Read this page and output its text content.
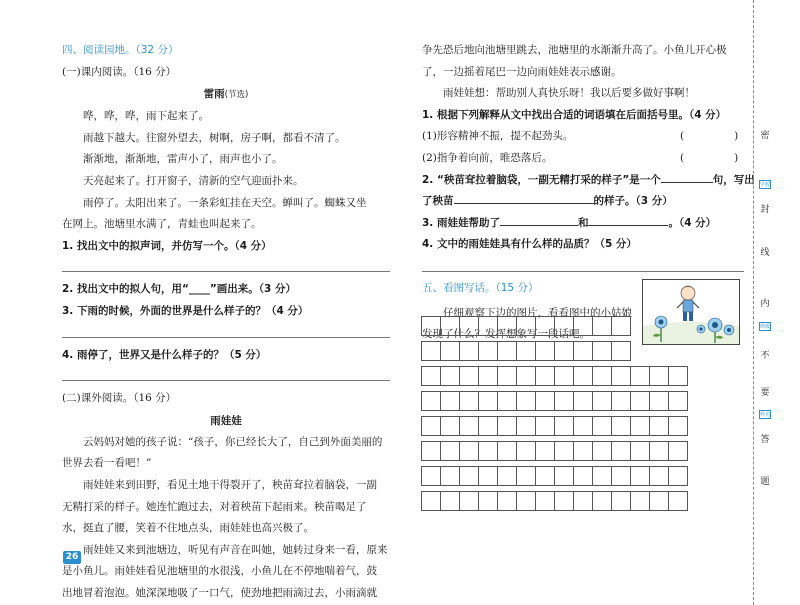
四、阅读园地。（32 分）
(一)课内阅读。（16 分）
雷雨(节选)
哗，哗，哗，雨下起来了。
雨越下越大。往窗外望去，树啊，房子啊，都看不清了。
渐渐地，渐渐地，雷声小了，雨声也小了。
天亮起来了。打开窗子，清新的空气迎面扑来。
雨停了。太阳出来了。一条彩虹挂在天空。蝉叫了。蜘蛛又坐
在网上。池塘里水满了，青蛙也叫起来了。
1. 找出文中的拟声词，并仿写一个。（4 分）
2. 找出文中的拟人句，用“____”画出来。（3 分）
3. 下雨的时候，外面的世界是什么样子的？（4 分）
4. 雨停了，世界又是什么样子的？（5 分）
(二)课外阅读。（16 分）
雨娃娃
云妈妈对她的孩子说：“孩子，你已经长大了，自己到外面美丽的
世界去看一看吧！”
雨娃娃来到田野，看见土地干得裂开了，秧苗耷拉着脑袋，一副
无精打采的样子。她连忙跑过去，对着秧苗下起雨来。秧苗喝足了
水，挺直了腰，笑着不住地点头，雨娃娃也高兴极了。
雨娃娃又来到池塘边，听见有声音在叫她，她转过身来一看，原来
是小鱼儿。雨娃娃看见池塘里的水很浅，小鱼儿在不停地喘着气，鼓
出地冒着泡泡。她深深地吸了一口气，使劲地把雨滴过去，小雨滴就
26
争先恐后地向池塘里跳去，池塘里的水渐渐升高了。小鱼儿开心极
了，一边摇着尾巴一边向雨娃娃表示感谢。
雨娃娃想：帮助别人真快乐呀！我以后要多做好事啊！
1. 根据下列解释从文中找出合适的词语填在后面括号里。（4 分）
(1)形容精神不振，提不起劲头。	(               )
(2)指争着向前，唯恐落后。	(               )
2. “秧苗耷拉着脑袋，一副无精打采的样子”是一个	句，写出
了秧苗	的样子。（3 分）
3. 雨娃娃帮助了	和	。（4 分）
4. 文中的雨娃娃具有什么样的品质？（5 分）
五、看图写话。（15 分）
仔细观察下边的图片，看看图中的小姑娘
发现了什么？发挥想象写一段话吧。
密
学校
封
线
内
班级
不
要
姓名
答
题
